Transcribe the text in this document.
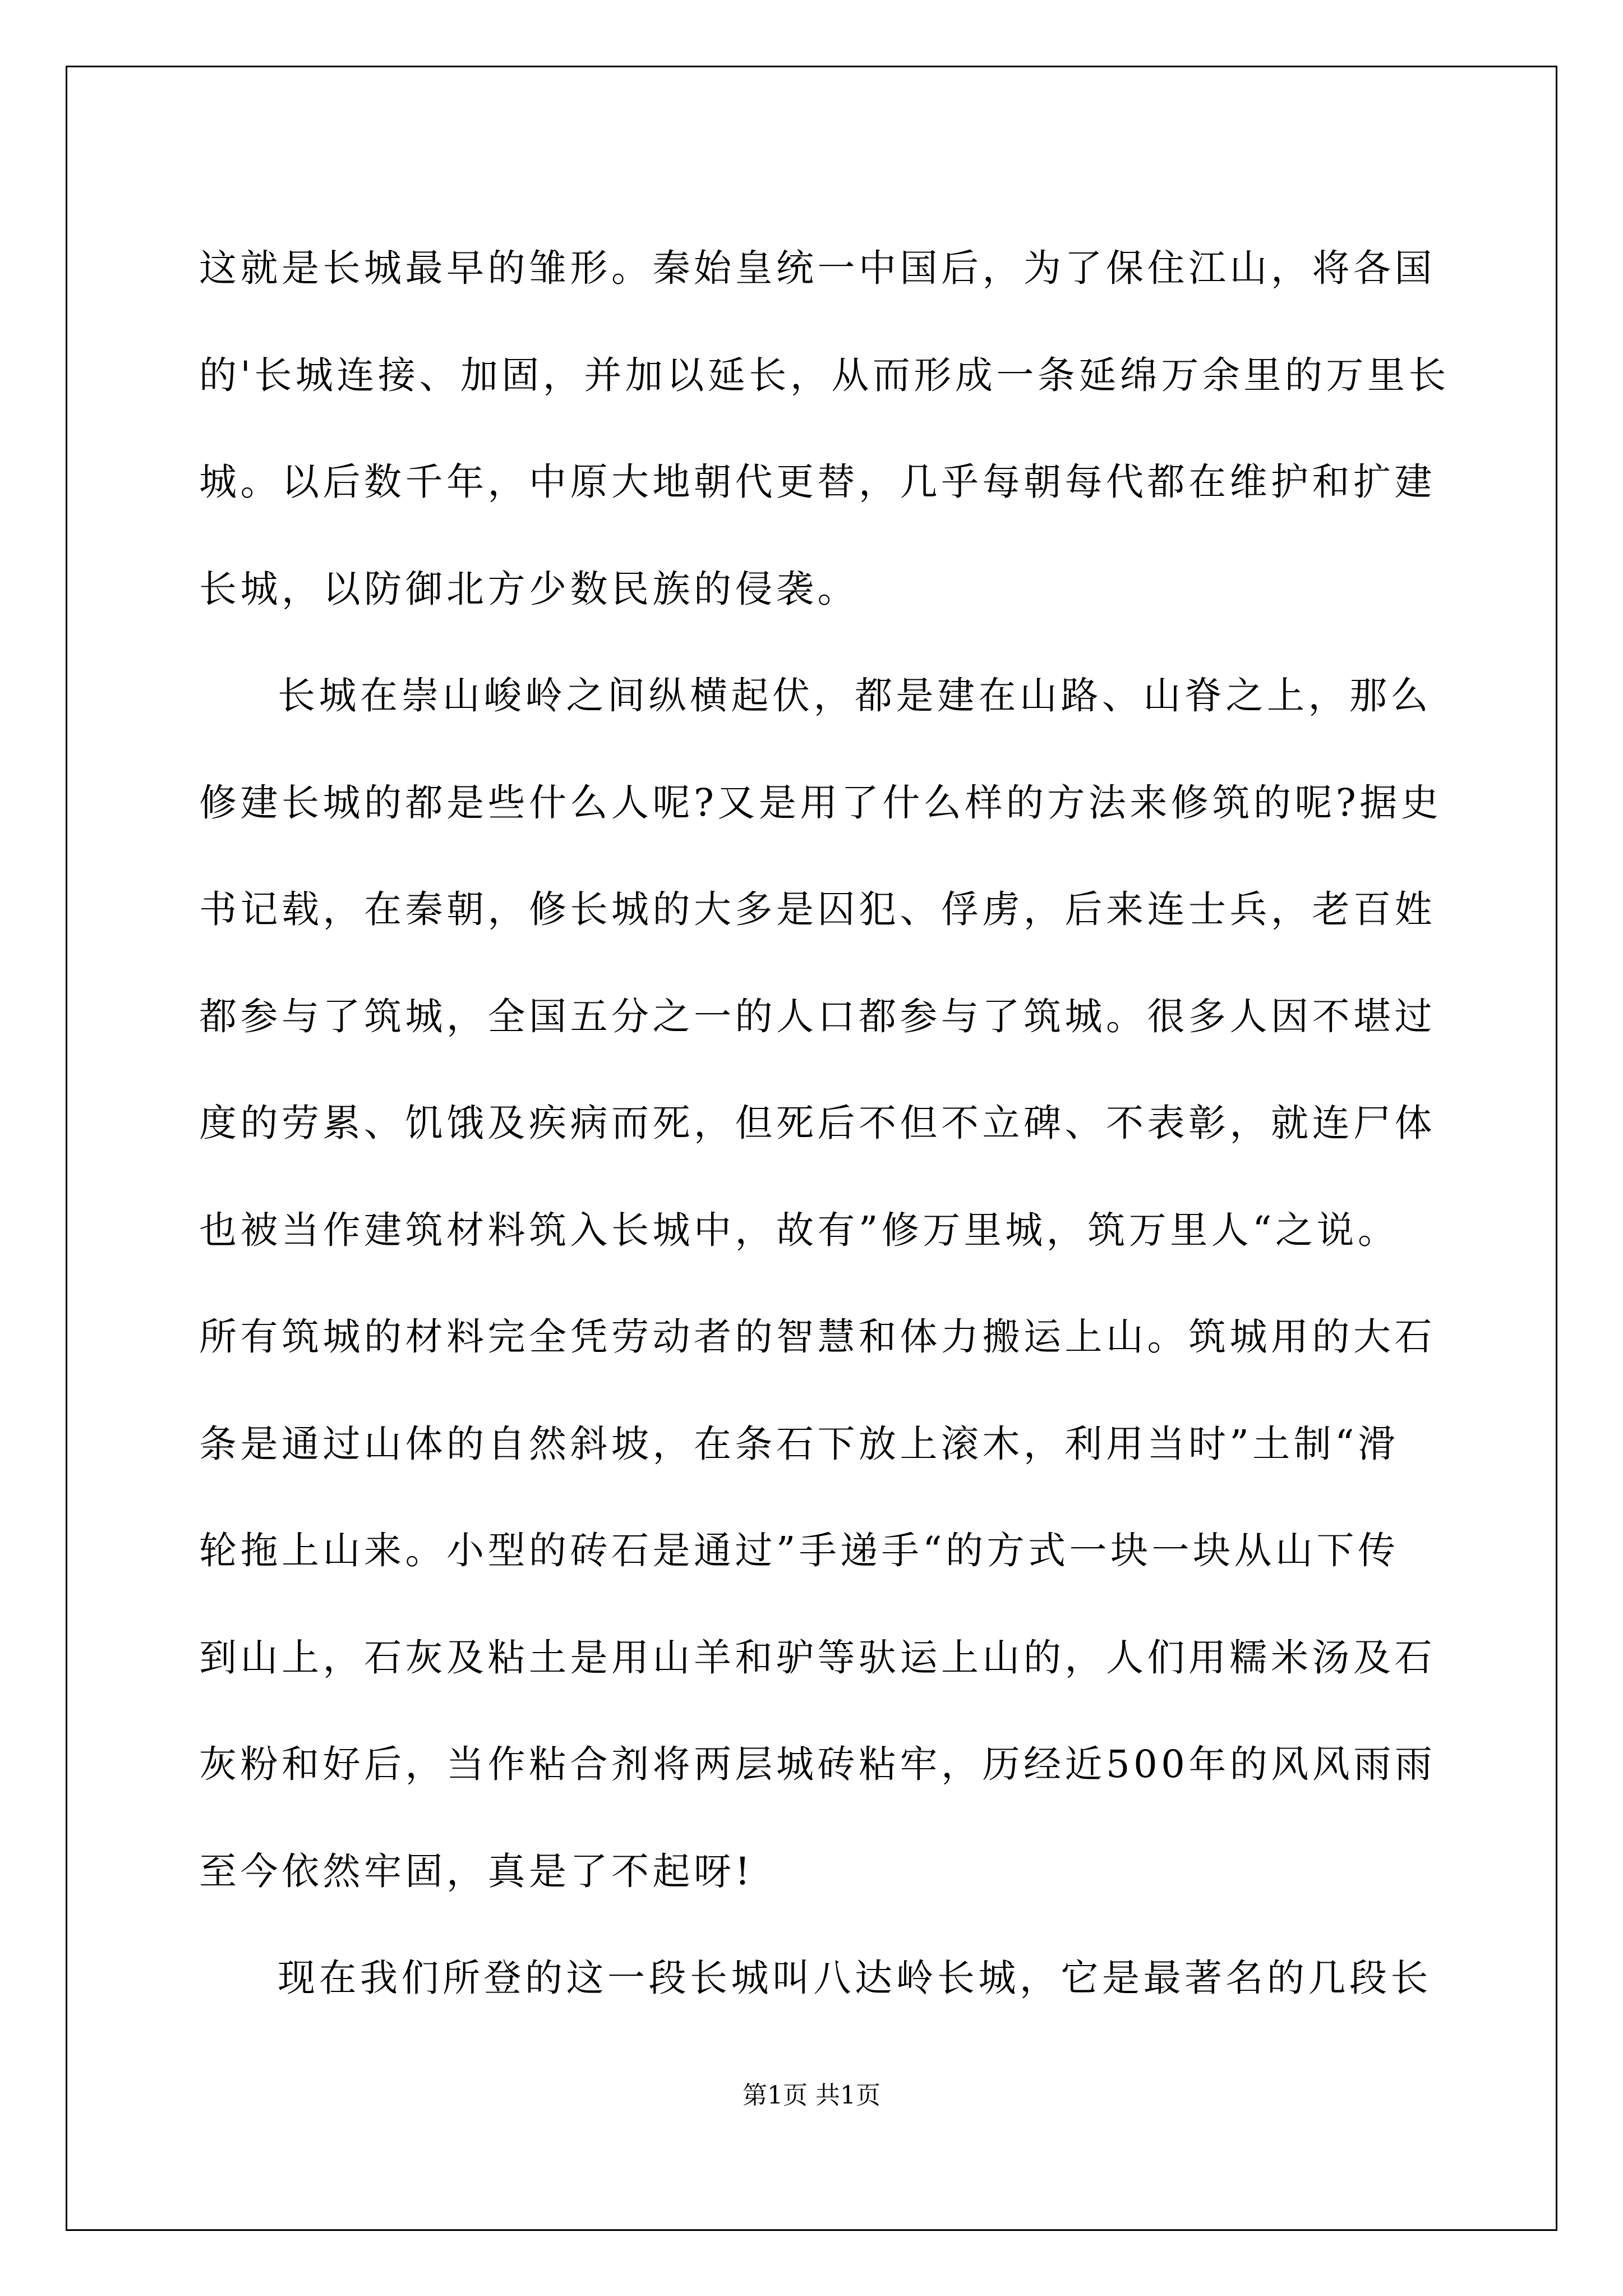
这就是长城最早的雏形。秦始皇统一中国后，为了保住江山，将各国
的'长城连接、加固，并加以延长，从而形成一条延绵万余里的万里长
城。以后数千年，中原大地朝代更替，几乎每朝每代都在维护和扩建
长城，以防御北方少数民族的侵袭。
长城在崇山峻岭之间纵横起伏，都是建在山路、山脊之上，那么
修建长城的都是些什么人呢?又是用了什么样的方法来修筑的呢?据史
书记载，在秦朝，修长城的大多是囚犯、俘虏，后来连士兵，老百姓
都参与了筑城，全国五分之一的人口都参与了筑城。很多人因不堪过
度的劳累、饥饿及疾病而死，但死后不但不立碑、不表彰，就连尸体
也被当作建筑材料筑入长城中，故有”修万里城，筑万里人“之说。
所有筑城的材料完全凭劳动者的智慧和体力搬运上山。筑城用的大石
条是通过山体的自然斜坡，在条石下放上滚木，利用当时”土制“滑
轮拖上山来。小型的砖石是通过”手递手“的方式一块一块从山下传
到山上，石灰及粘土是用山羊和驴等驮运上山的，人们用糯米汤及石
灰粉和好后，当作粘合剂将两层城砖粘牢，历经近500年的风风雨雨
至今依然牢固，真是了不起呀!
现在我们所登的这一段长城叫八达岭长城，它是最著名的几段长
第1页 共1页
